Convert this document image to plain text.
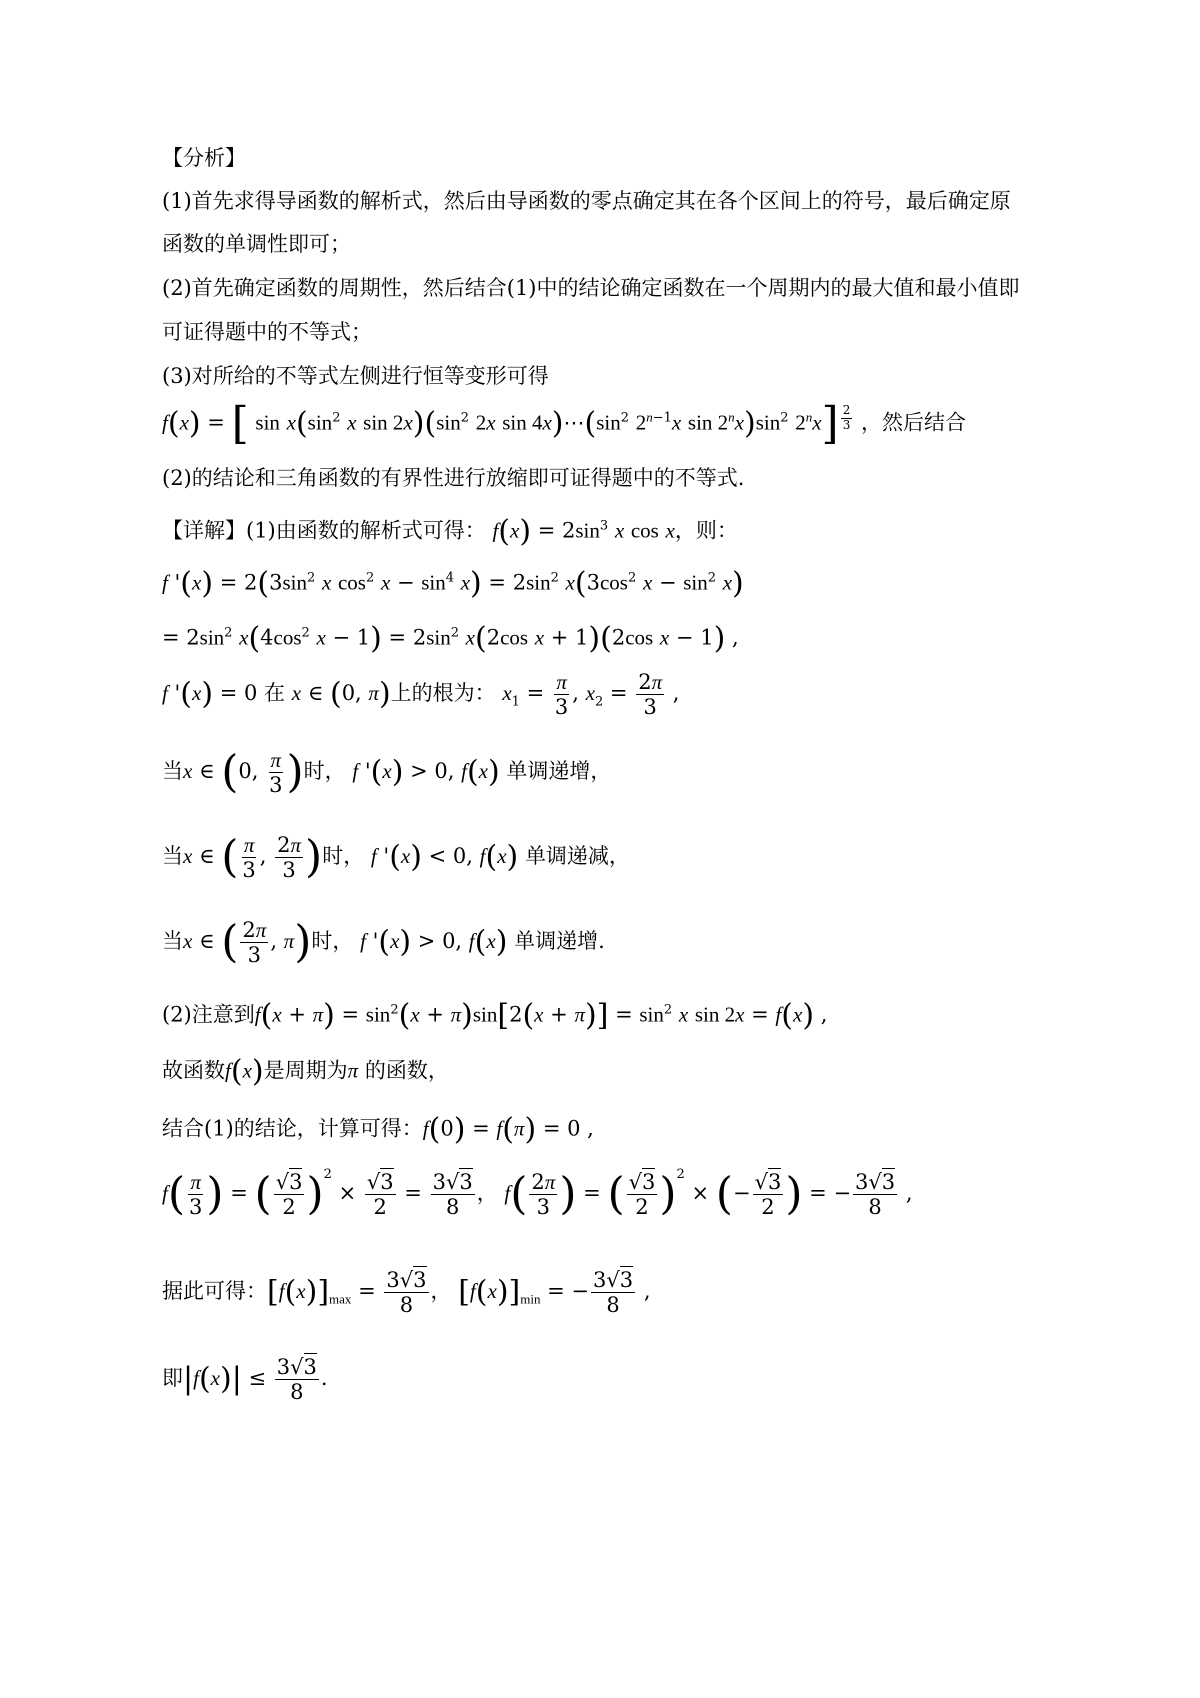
【分析】
(1)首先求得导函数的解析式，然后由导函数的零点确定其在各个区间上的符号，最后确定原
函数的单调性即可；
(2)首先确定函数的周期性，然后结合(1)中的结论确定函数在一个周期内的最大值和最小值即
可证得题中的不等式；
(3)对所给的不等式左侧进行恒等变形可得
f(x) = [ $\sin x(\sin^2$ x $\sin 2x)(\sin^2$ 2x $\sin 4x)\cdots(\sin^2$ $2^{n-1}x$ $\sin 2^nx)\sin^2$ 2$^n$x] $^{\frac{2}{3}}$ ，然后结合
(2)的结论和三角函数的有界性进行放缩即可证得题中的不等式.
【详解】(1)由函数的解析式可得： $f(x) = 2\sin^3$ x cos x，则：
f '$(x) = 2(3\sin^2$ x $\cos^2 x - \sin^4 x) = 2\sin^2$ $x(3\cos^2$ $x - \sin^2 x$)
= $2\sin^2$ $x(4\cos^2$ $x - 1) = 2\sin^2$ x(2cos x + 1)(2cos x − 1) ,
f '(x) = 0 在 x ∈ (0, π)上的根为： $x_1 = \frac{\pi}{3}$ , $x_2 = \frac{2\pi}{3}$ ,
当x ∈ (0, $\frac{\pi}{3}$ )时， f '(x) > 0, f(x) 单调递增，
当x ∈ ( $\frac{\pi}{3}$ , $\frac{2\pi}{3}$ )时， f '(x) < 0, f(x) 单调递减，
当x ∈ ( $\frac{2\pi}{3}$ , π)时， f '(x) > 0, f(x) 单调递增.
(2)注意到$f(x + \pi) = \sin^2(x + \pi)\sin[2(x + \pi)] = \sin^2 x$ sin 2x = f(x) ,
故函数f(x)是周期为π 的函数，
结合(1)的结论，计算可得：f(0) = f(π) = 0 ,
$f( \frac{\pi}{3}$ ) = ( $\frac{√3}{2} )^2 \times \frac{√3}{2} = \frac{3√3}{8}$ ， $f( \frac{2\pi}{3}$ ) = ( $\frac{√3}{2} )^2$ × (− $\frac{√3}{2}$ ) = − $\frac{3√3}{8}$ ,
据此可得：$[f(x)]_{max} = \frac{3√3}{8}$ ， $[f(x)]_{min}$ = − $\frac{3√3}{8}$ ,
即$|f(x)| \le \frac{3√3}{8}$ .
